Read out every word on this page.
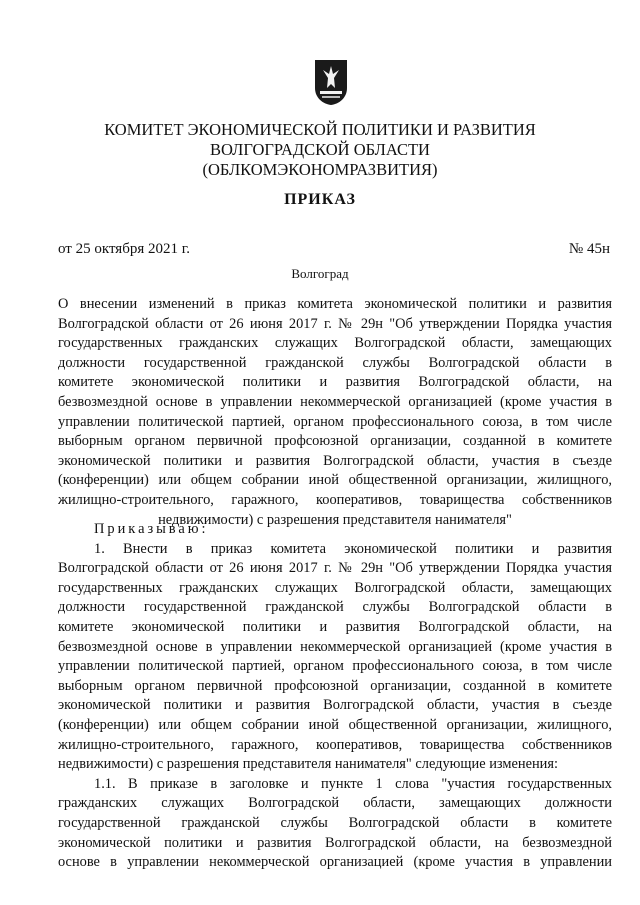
КОМИТЕТ ЭКОНОМИЧЕСКОЙ ПОЛИТИКИ И РАЗВИТИЯ
ВОЛГОГРАДСКОЙ ОБЛАСТИ
(ОБЛКОМЭКОНОМРАЗВИТИЯ)
ПРИКАЗ
от 25 октября 2021 г.	№ 45н
Волгоград
О внесении изменений в приказ комитета экономической политики и развития
Волгоградской области от 26 июня 2017 г. № 29н "Об утверждении Порядка участия
государственных гражданских служащих Волгоградской области, замещающих
должности государственной гражданской службы Волгоградской области в
комитете экономической политики и развития Волгоградской области, на
безвозмездной основе в управлении некоммерческой организацией (кроме участия в
управлении политической партией, органом профессионального союза, в том числе
выборным органом первичной профсоюзной организации, созданной в комитете
экономической политики и развития Волгоградской области, участия в съезде
(конференции) или общем собрании иной общественной организации, жилищного,
жилищно-строительного, гаражного, кооперативов, товарищества собственников
недвижимости) с разрешения представителя нанимателя"
Приказываю:
1. Внести в приказ комитета экономической политики и развития
Волгоградской области от 26 июня 2017 г. № 29н "Об утверждении Порядка участия
государственных гражданских служащих Волгоградской области, замещающих
должности государственной гражданской службы Волгоградской области в
комитете экономической политики и развития Волгоградской области, на
безвозмездной основе в управлении некоммерческой организацией (кроме участия в
управлении политической партией, органом профессионального союза, в том числе
выборным органом первичной профсоюзной организации, созданной в комитете
экономической политики и развития Волгоградской области, участия в съезде
(конференции) или общем собрании иной общественной организации, жилищного,
жилищно-строительного, гаражного, кооперативов, товарищества собственников
недвижимости) с разрешения представителя нанимателя" следующие изменения:
1.1. В приказе в заголовке и пункте 1 слова "участия государственных
гражданских служащих Волгоградской области, замещающих должности
государственной гражданской службы Волгоградской области в комитете
экономической политики и развития Волгоградской области, на безвозмездной
основе в управлении некоммерческой организацией (кроме участия в управлении
